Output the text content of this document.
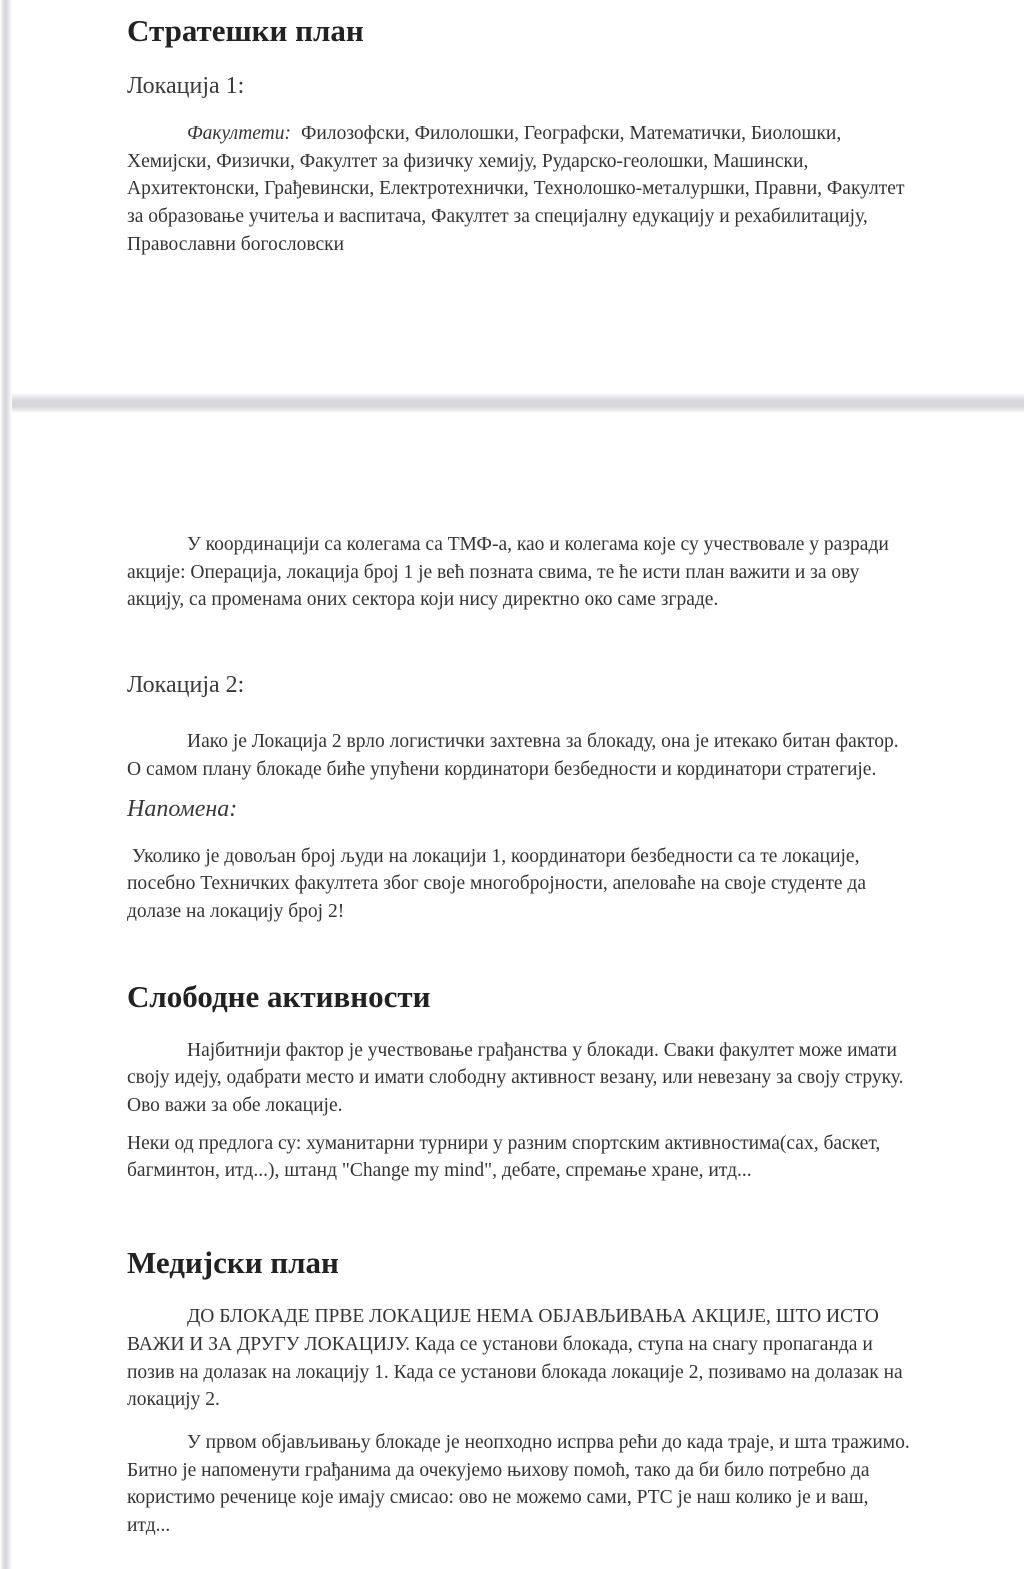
Стратешки план
Локација 1:

Факултети: Филозофски, Филолошки, Географски, Математички, Биолошки, Хемијски, Физички, Факултет за физичку хемију, Рударско-геолошки, Машински, Архитектонски, Грађевински, Електротехнички, Технолошко-металуршки, Правни, Факултет за образовање учитеља и васпитача, Факултет за специјалну едукацију и рехабилитацију, Православни богословски

У координацији са колегама са ТМФ-а, као и колегама које су учествовале у разради акције: Операција, локација број 1 је већ позната свима, те ће исти план важити и за ову акцију, са променама оних сектора који нису директно око саме зграде.

Локација 2:

Иако је Локација 2 врло логистички захтевна за блокаду, она је итекако битан фактор. О самом плану блокаде биће упућени кординатори безбедности и кординатори стратегије.

Напомена:

Уколико је довољан број људи на локацији 1, координатори безбедности са те локације, посебно Техничких факултета због своје многобројности, апеловаће на своје студенте да долазе на локацију број 2!

Слободне активности

Најбитнији фактор је учествовање грађанства у блокади. Сваки факултет може имати своју идеју, одабрати место и имати слободну активност везану, или невезану за своју струку. Ово важи за обе локације.

Неки од предлога су: хуманитарни турнири у разним спортским активностима(сах, баскет, багминтон, итд...), штанд "Change my mind", дебате, спремање хране, итд...

Медијски план

ДО БЛОКАДЕ ПРВЕ ЛОКАЦИЈЕ НЕМА ОБЈАВЉИВАЊА АКЦИЈЕ, ШТО ИСТО ВАЖИ И ЗА ДРУГУ ЛОКАЦИЈУ. Када се установи блокада, ступа на снагу пропаганда и позив на долазак на локацију 1. Када се установи блокада локације 2, позивамо на долазак на локацију 2.

У првом објављивању блокаде је неопходно испрва рећи до када траје, и шта тражимо. Битно је напоменути грађанима да очекујемо њихову помоћ, тако да би било потребно да користимо реченице које имају смисао: ово не можемо сами, РТС је наш колико је и ваш, итд...
